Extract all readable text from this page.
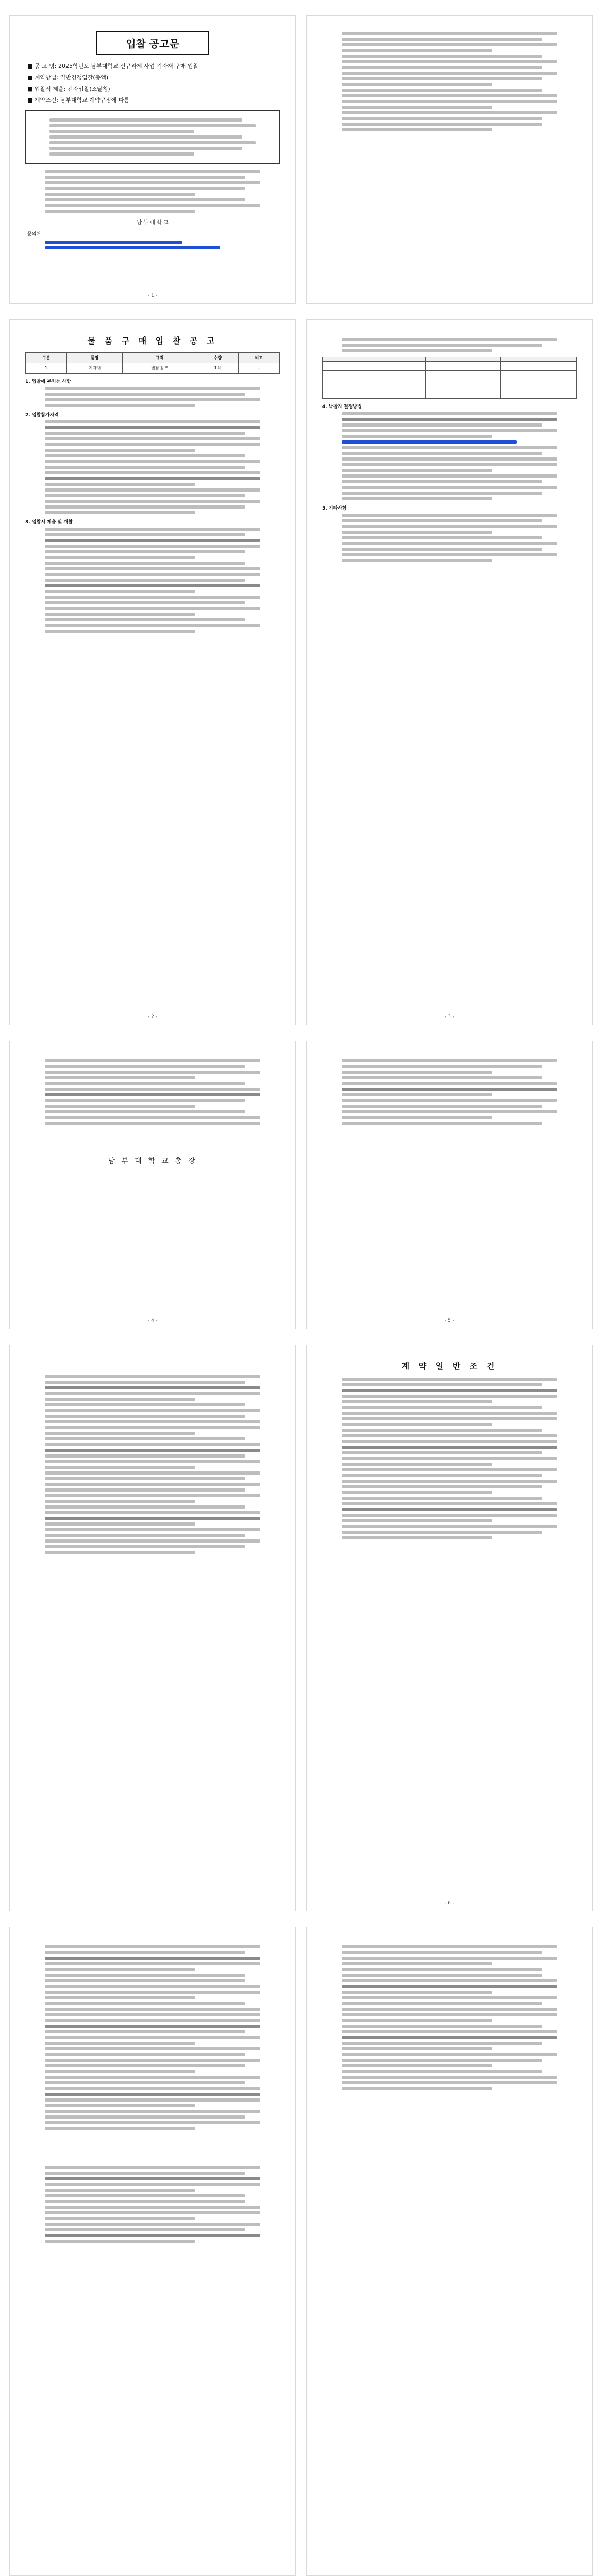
입찰 공고문
■ 공 고 명: 2025학년도 남부대학교 신규과제 사업 기자재 구매 입찰
■ 계약방법: 일반경쟁입찰(총액)
■ 입찰서 제출: 전자입찰(조달청)
■ 계약조건: 남부대학교 계약규정에 따름
남 부 대 학 교
문의처
- 1 -
물 품 구 매 입 찰 공 고
구분	품명	규격	수량	비고
1	기자재	별첨 참조	1식	-
1. 입찰에 부치는 사항
2. 입찰참가자격
3. 입찰서 제출 및 개찰
- 2 -

4. 낙찰자 결정방법
5. 기타사항
- 3 -
남 부 대 학 교 총 장
- 4 -	- 5 -

계 약 일 반 조 건
- 6 -
